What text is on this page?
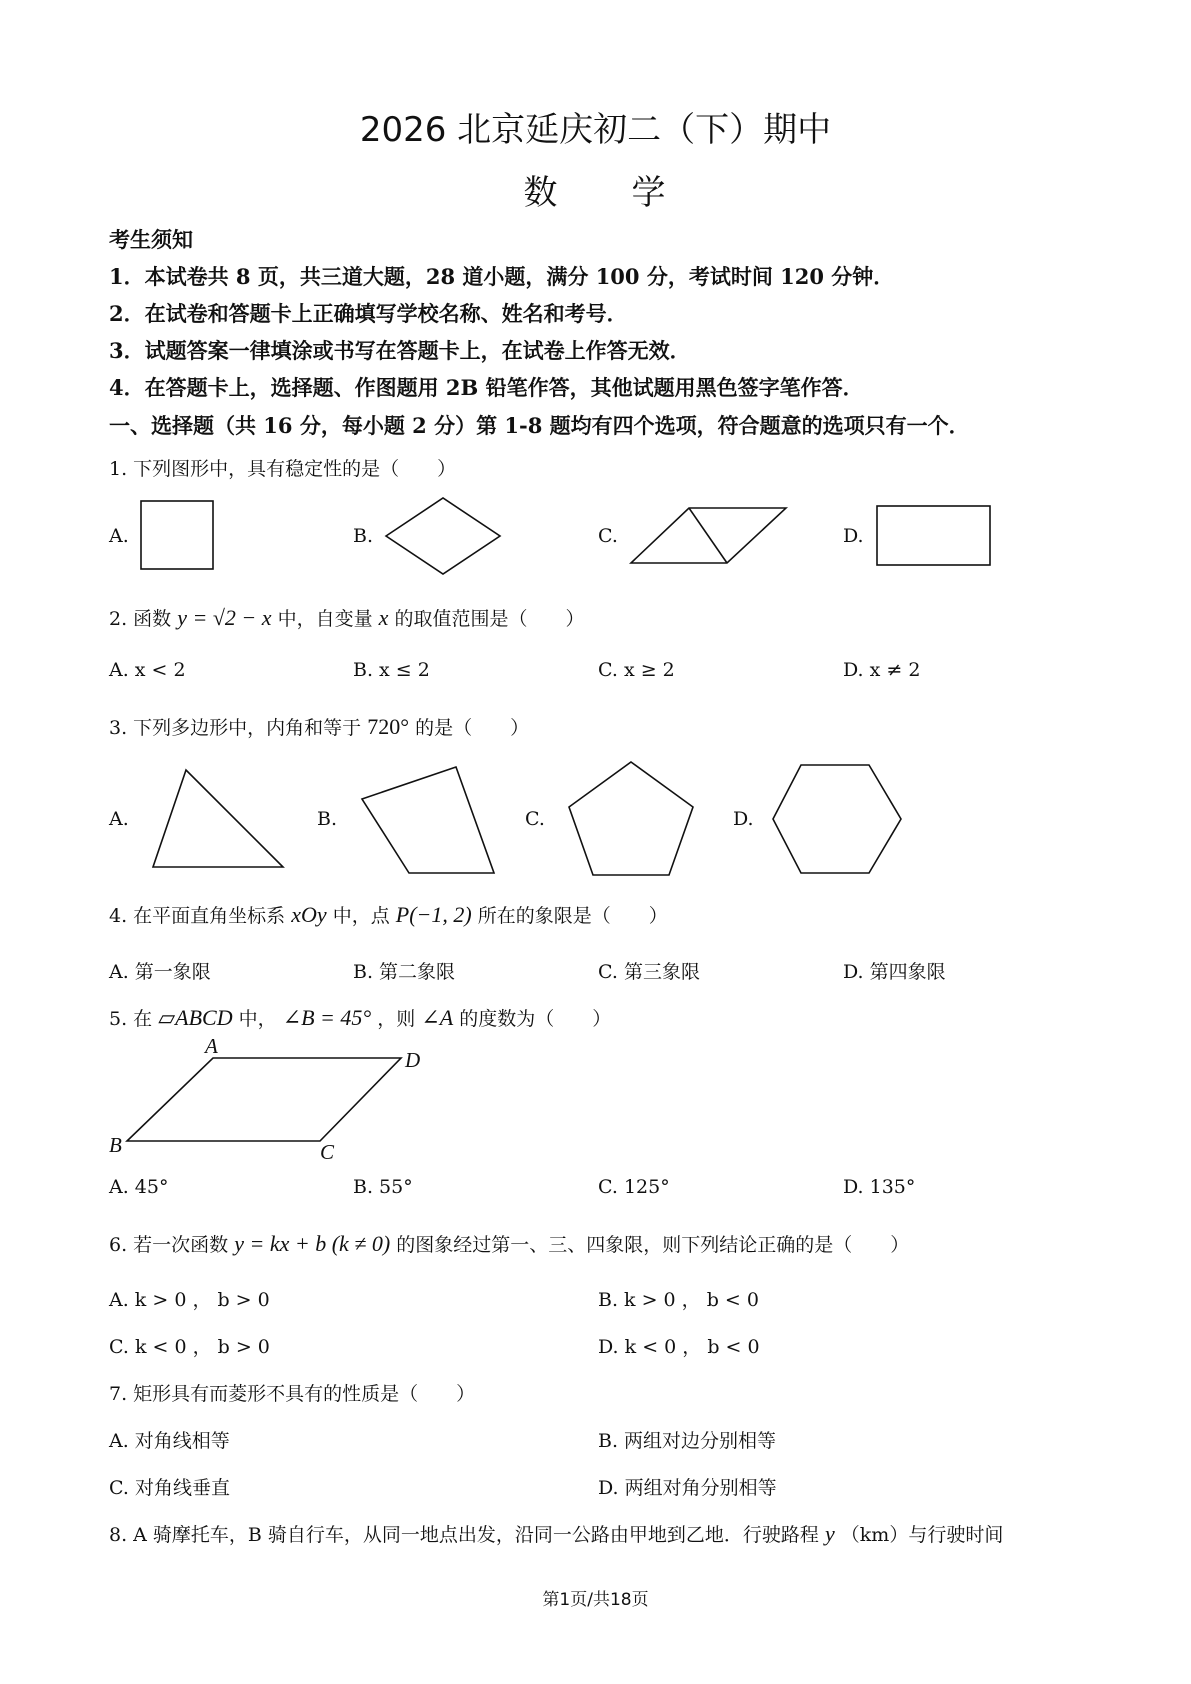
2026 北京延庆初二（下）期中
数　　学
考生须知
1．本试卷共 8 页，共三道大题，28 道小题，满分 100 分，考试时间 120 分钟．
2．在试卷和答题卡上正确填写学校名称、姓名和考号．
3．试题答案一律填涂或书写在答题卡上，在试卷上作答无效．
4．在答题卡上，选择题、作图题用 2B 铅笔作答，其他试题用黑色签字笔作答．
一、选择题（共 16 分，每小题 2 分）第 1-8 题均有四个选项，符合题意的选项只有一个．
1. 下列图形中，具有稳定性的是（　　）
A.	B.	C.	D.
2. 函数 y = √2 − x 中，自变量 x 的取值范围是（　　）
A. x < 2	B. x ≤ 2	C. x ≥ 2	D. x ≠ 2
3. 下列多边形中，内角和等于 720° 的是（　　）
A.	B.	C.	D.
4. 在平面直角坐标系 xOy 中，点 P(−1, 2) 所在的象限是（　　）
A. 第一象限	B. 第二象限	C. 第三象限	D. 第四象限
5. 在 ▱ABCD 中， ∠B = 45° ，则 ∠A 的度数为（　　）
A
D
B	C
A. 45°	B. 55°	C. 125°	D. 135°
6. 若一次函数 y = kx + b (k ≠ 0) 的图象经过第一、三、四象限，则下列结论正确的是（　　）
A. k > 0 ， b > 0	B. k > 0 ， b < 0
C. k < 0 ， b > 0	D. k < 0 ， b < 0
7. 矩形具有而菱形不具有的性质是（　　）
A. 对角线相等	B. 两组对边分别相等
C. 对角线垂直	D. 两组对角分别相等
8. A 骑摩托车，B 骑自行车，从同一地点出发，沿同一公路由甲地到乙地．行驶路程 y （km）与行驶时间
第1页/共18页
